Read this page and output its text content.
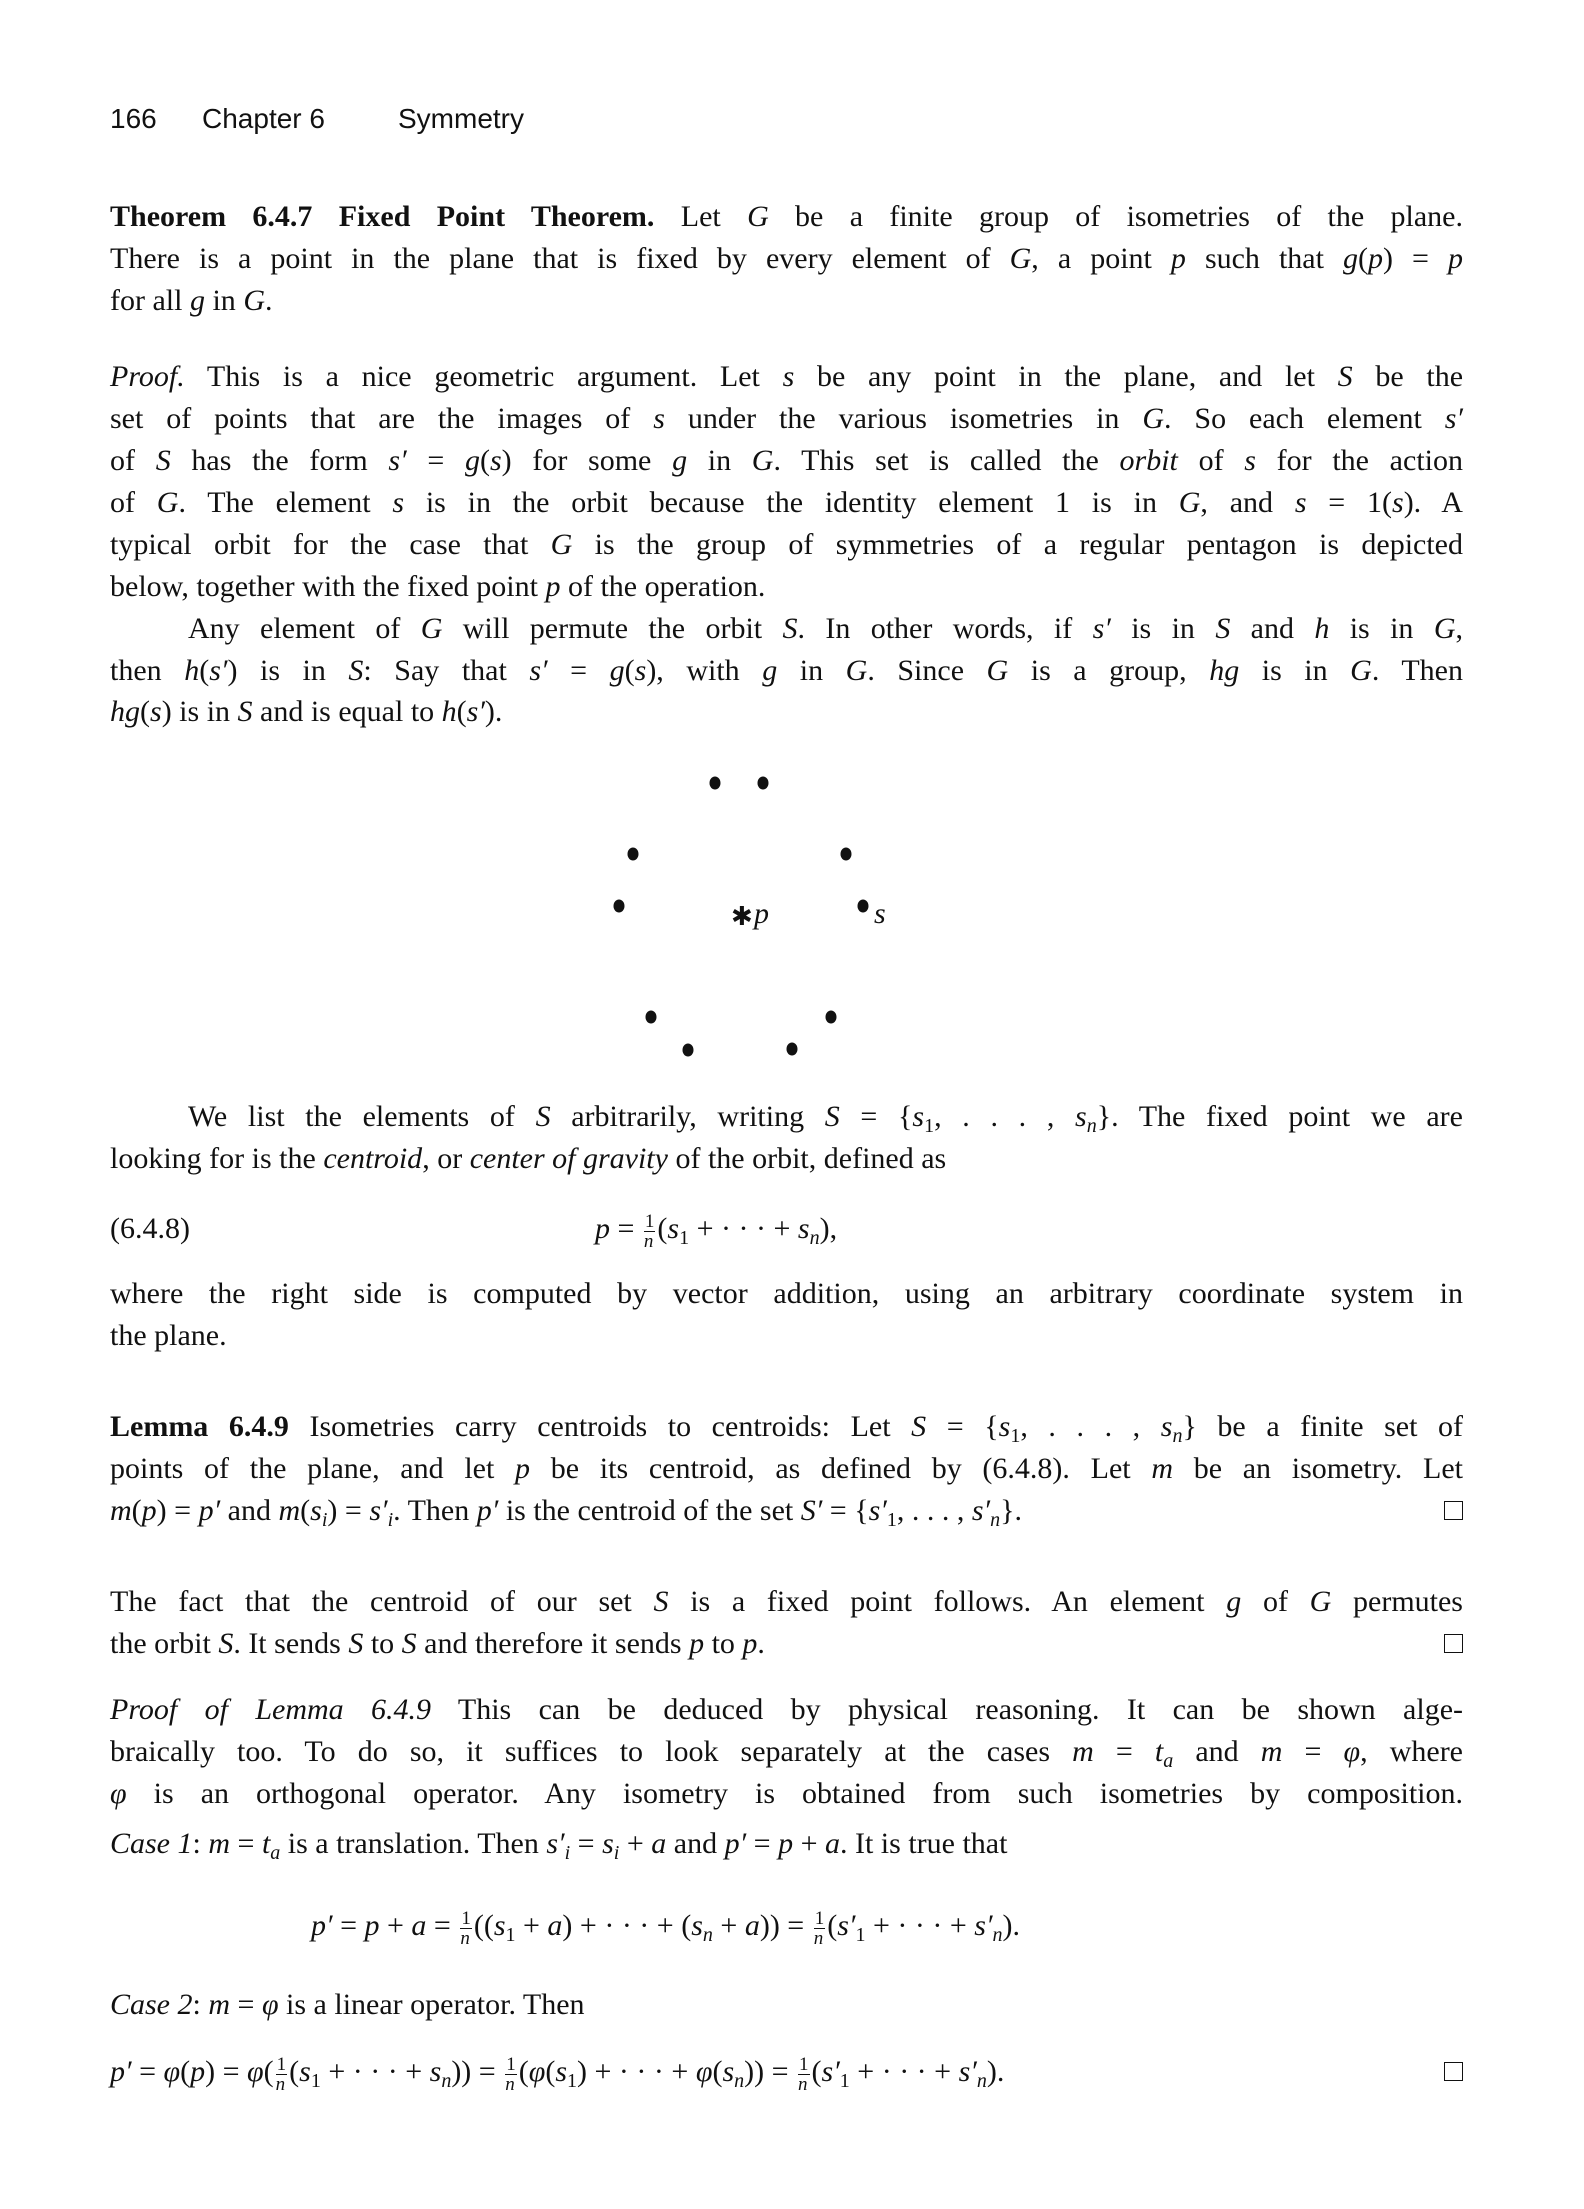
166 Chapter 6	Symmetry
Theorem 6.4.7 Fixed Point Theorem. Let G be a finite group of isometries of the plane.
There is a point in the plane that is fixed by every element of G, a point p such that g(p) = p
for all g in G.
Proof. This is a nice geometric argument. Let s be any point in the plane, and let S be the
set of points that are the images of s under the various isometries in G. So each element s′
of S has the form s′ = g(s) for some g in G. This set is called the orbit of s for the action
of G. The element s is in the orbit because the identity element 1 is in G, and s = 1(s). A
typical orbit for the case that G is the group of symmetries of a regular pentagon is depicted
below, together with the fixed point p of the operation.
Any element of G will permute the orbit S. In other words, if s′ is in S and h is in G,
then h(s′) is in S: Say that s′ = g(s), with g in G. Since G is a group, hg is in G. Then
hg(s) is in S and is equal to h(s′).
✱ p	s
We list the elements of S arbitrarily, writing $S = \{s_1$, . . . , $s_n$}. The fixed point we are
looking for is the centroid, or center of gravity of the orbit, defined as
(6.4.8)	$p = \frac{1}{n} (s_1$ + · · · + $s_n$),
where the right side is computed by vector addition, using an arbitrary coordinate system in
the plane.
Lemma 6.4.9 Isometries carry centroids to centroids: Let $S = \{s_1$, . . . , $s_n$} be a finite set of
points of the plane, and let p be its centroid, as defined by (6.4.8). Let m be an isometry. Let
m(p) = p′ and $m(s_i) = s'_i$. Then p′ is the centroid of the set $S' = \{s'_1$, . . . , $s'_n$}.
The fact that the centroid of our set S is a fixed point follows. An element g of G permutes
the orbit S. It sends S to S and therefore it sends p to p.
Proof of Lemma 6.4.9 This can be deduced by physical reasoning. It can be shown alge-
braically too. To do so, it suffices to look separately at the cases $m = t_a$ and m = φ, where
φ is an orthogonal operator. Any isometry is obtained from such isometries by composition.
Case 1: $m = t_a$ is a translation. Then $s'_i = s_i + a$ and p′ = p + a. It is true that
$p' = p + a = \frac{1}{n} ((s_1 + a)$ + · · · + $(s_n + a)) = \frac{1}{n} (s'_1$ + · · · + $s'_n$).
Case 2: m = φ is a linear operator. Then
$p' = \varphi(p) = \varphi( \frac{1}{n} (s_1$ + · · · + $s_n)) = \frac{1}{n} (\varphi(s_1)$ + · · · + $\varphi(s_n)) = \frac{1}{n} (s'_1$ + · · · + $s'_n$).
